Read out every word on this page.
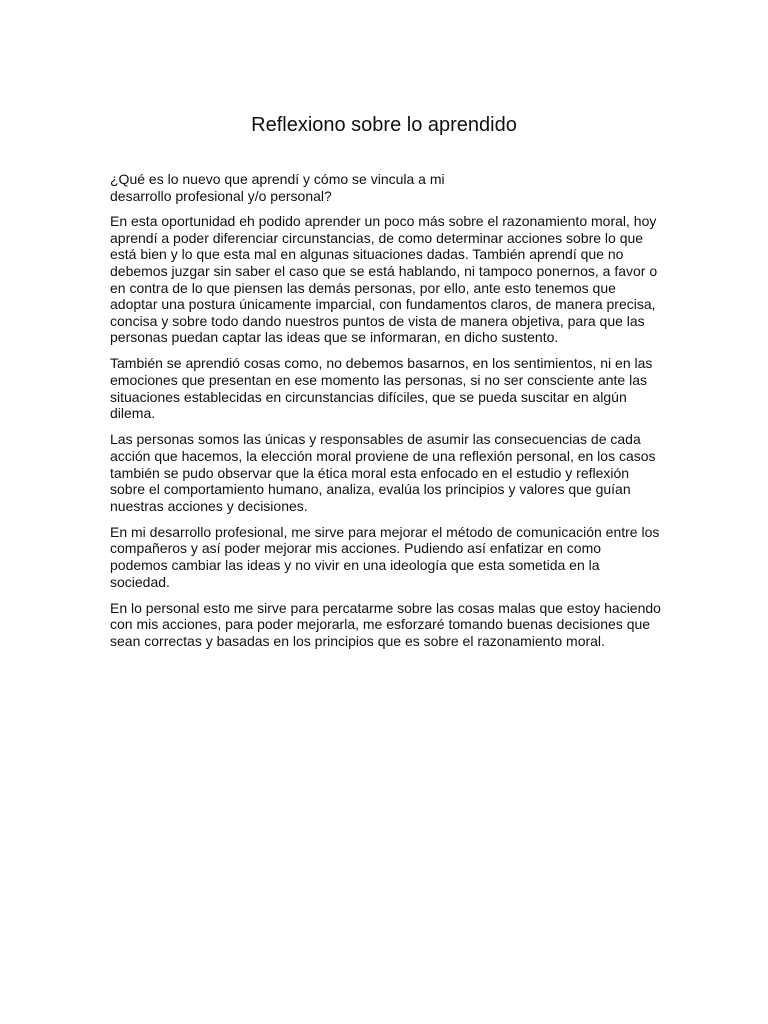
Reflexiono sobre lo aprendido

¿Qué es lo nuevo que aprendí y cómo se vincula a mi desarrollo profesional y/o personal?

En esta oportunidad eh podido aprender un poco más sobre el razonamiento moral, hoy aprendí a poder diferenciar circunstancias, de como determinar acciones sobre lo que está bien y lo que esta mal en algunas situaciones dadas. También aprendí que no debemos juzgar sin saber el caso que se está hablando, ni tampoco ponernos, a favor o en contra de lo que piensen las demás personas, por ello, ante esto tenemos que adoptar una postura únicamente imparcial, con fundamentos claros, de manera precisa, concisa y sobre todo dando nuestros puntos de vista de manera objetiva, para que las personas puedan captar las ideas que se informaran, en dicho sustento.

También se aprendió cosas como, no debemos basarnos, en los sentimientos, ni en las emociones que presentan en ese momento las personas, si no ser consciente ante las situaciones establecidas en circunstancias difíciles, que se pueda suscitar en algún dilema.

Las personas somos las únicas y responsables de asumir las consecuencias de cada acción que hacemos, la elección moral proviene de una reflexión personal, en los casos también se pudo observar que la ética moral esta enfocado en el estudio y reflexión sobre el comportamiento humano, analiza, evalúa los principios y valores que guían nuestras acciones y decisiones.

En mi desarrollo profesional, me sirve para mejorar el método de comunicación entre los compañeros y así poder mejorar mis acciones. Pudiendo así enfatizar en como podemos cambiar las ideas y no vivir en una ideología que esta sometida en la sociedad.

En lo personal esto me sirve para percatarme sobre las cosas malas que estoy haciendo con mis acciones, para poder mejorarla, me esforzaré tomando buenas decisiones que sean correctas y basadas en los principios que es sobre el razonamiento moral.
